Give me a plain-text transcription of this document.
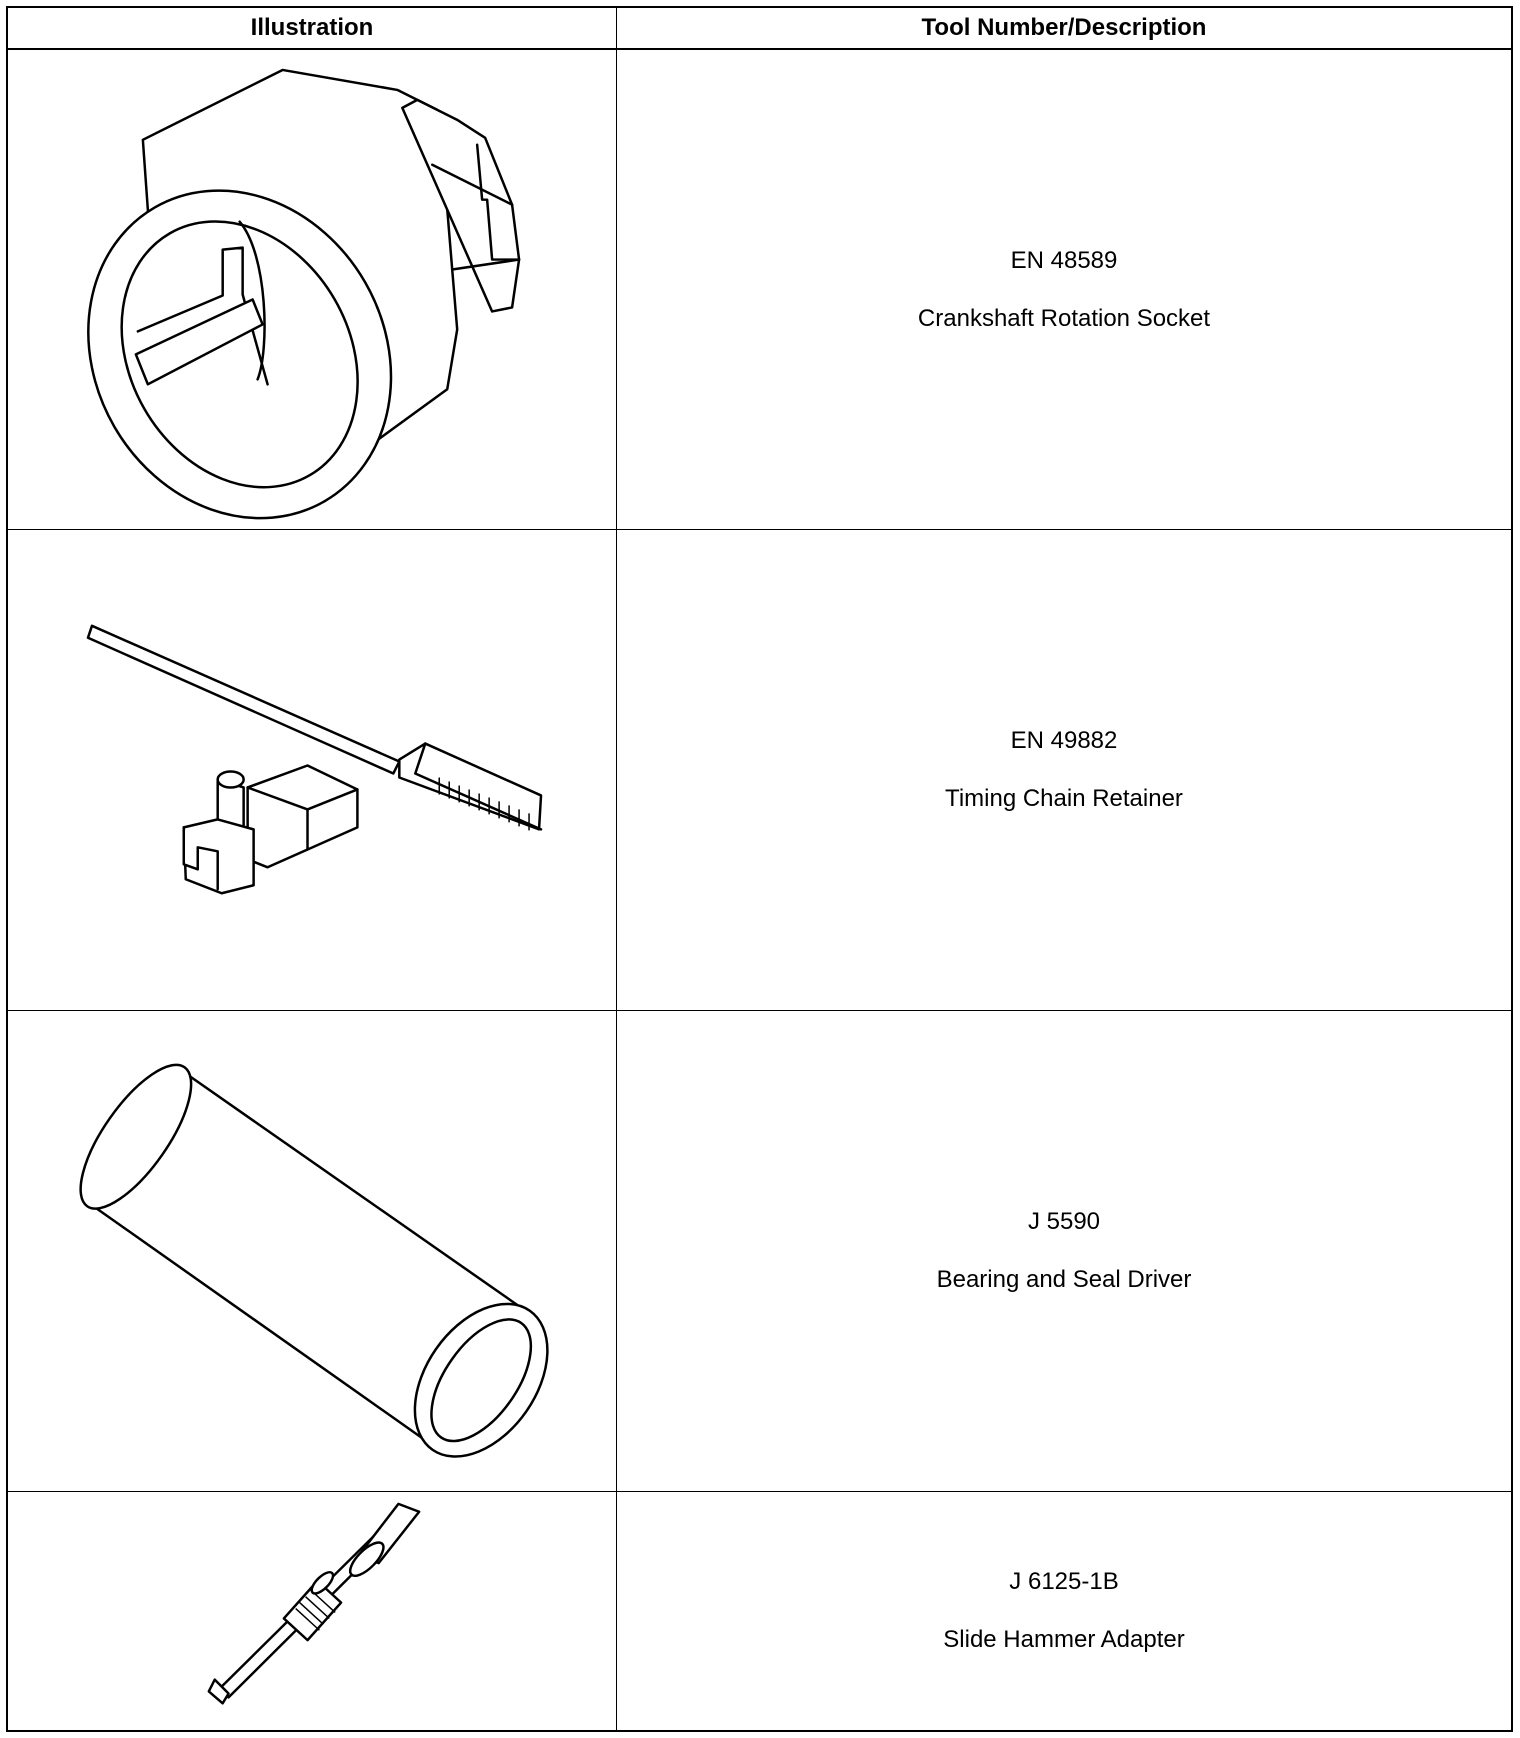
Illustration	Tool Number/Description
EN 48589
Crankshaft Rotation Socket
EN 49882
Timing Chain Retainer
J 5590
Bearing and Seal Driver
J 6125-1B
Slide Hammer Adapter
